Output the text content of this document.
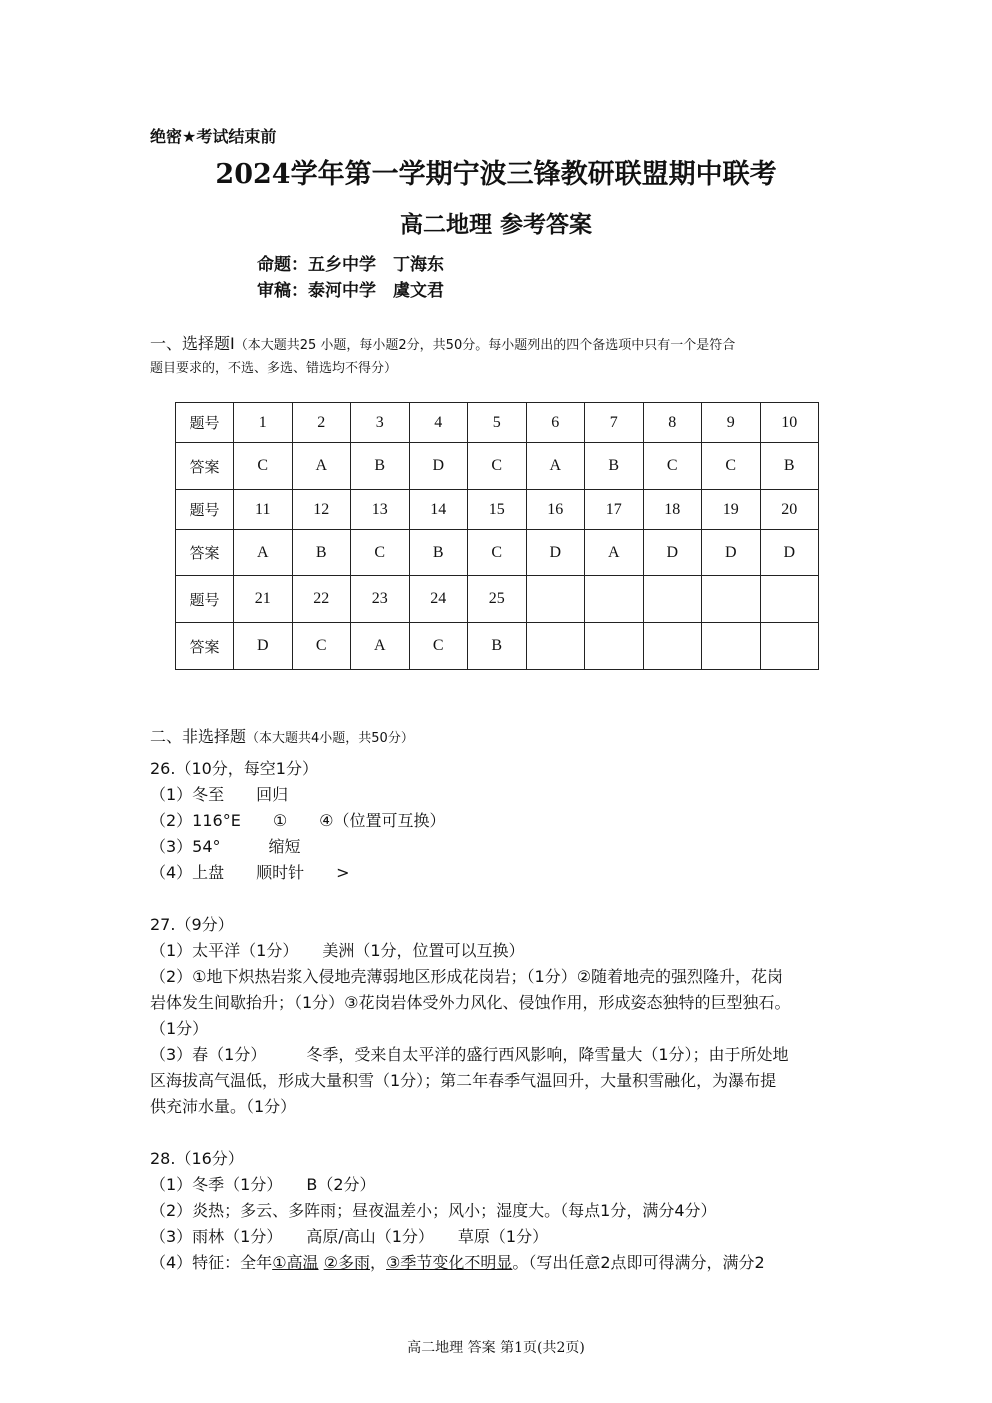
绝密★考试结束前
2024学年第一学期宁波三锋教研联盟期中联考
高二地理 参考答案
命题：五乡中学　丁海东
审稿：泰河中学　虞文君
一、选择题Ⅰ（本大题共25 小题，每小题2分，共50分。每小题列出的四个备选项中只有一个是符合
题目要求的，不选、多选、错选均不得分）
题号	1	2	3	4	5	6	7	8	9	10
答案	C	A	B	D	C	A	B	C	C	B
题号	11	12	13	14	15	16	17	18	19	20
答案	A	B	C	B	C	D	A	D	D	D
题号	21	22	23	24	25					
答案	D	C	A	C	B					
二、非选择题（本大题共4小题，共50分）
26.（10分，每空1分）
（1）冬至　　回归
（2）116°E　　①　　④（位置可互换）
（3）54°　　　缩短
（4）上盘　　顺时针　　>
27.（9分）
（1）太平洋（1分）　　美洲（1分，位置可以互换）
（2）①地下炽热岩浆入侵地壳薄弱地区形成花岗岩；（1分）②随着地壳的强烈隆升，花岗
岩体发生间歇抬升；（1分）③花岗岩体受外力风化、侵蚀作用，形成姿态独特的巨型独石。
（1分）
（3）春（1分）　　　冬季，受来自太平洋的盛行西风影响，降雪量大（1分）；由于所处地
区海拔高气温低，形成大量积雪（1分）；第二年春季气温回升，大量积雪融化，为瀑布提
供充沛水量。（1分）
28.（16分）
（1）冬季（1分）　　B（2分）
（2）炎热；多云、多阵雨；昼夜温差小；风小；湿度大。（每点1分，满分4分）
（3）雨林（1分）　　高原/高山（1分）　　草原（1分）
（4）特征：全年①高温 ②多雨，③季节变化不明显。（写出任意2点即可得满分，满分2
高二地理 答案 第1页(共2页)
